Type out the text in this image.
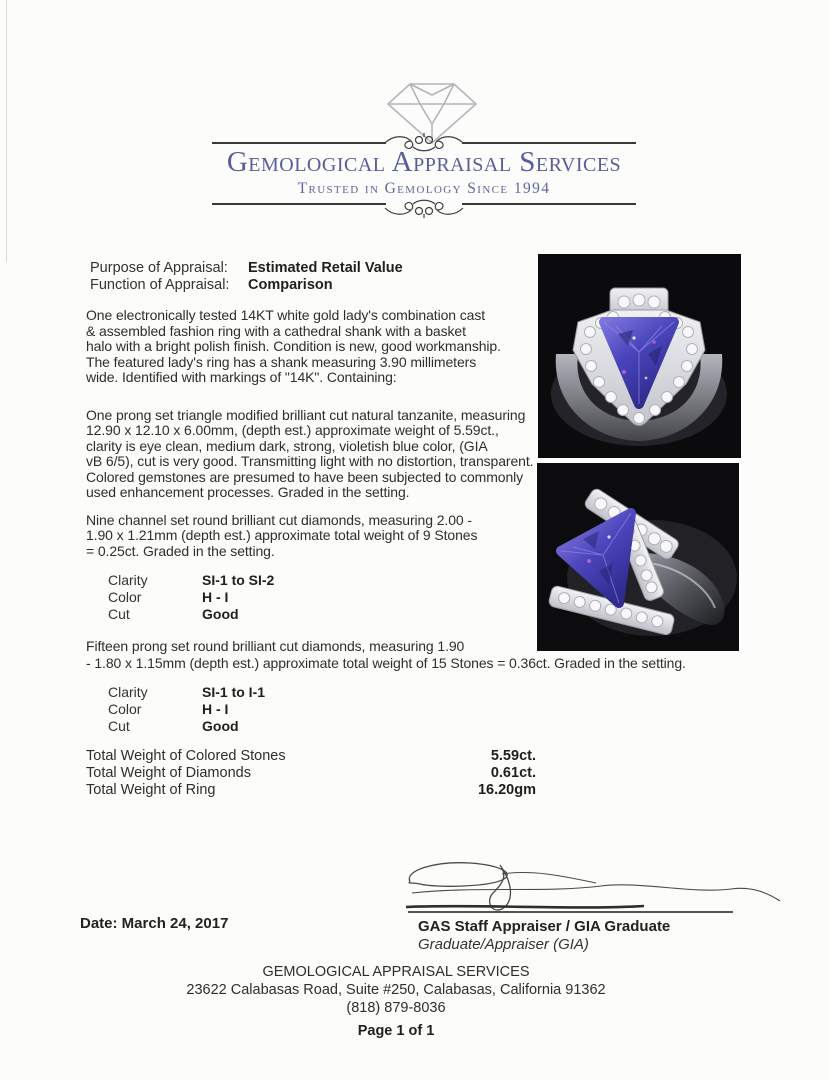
Gemological Appraisal Services
Trusted in Gemology Since 1994
Purpose of Appraisal: Estimated Retail Value
Function of Appraisal: Comparison
One electronically tested 14KT white gold lady's combination cast
& assembled fashion ring with a cathedral shank with a basket
halo with a bright polish finish. Condition is new, good workmanship.
The featured lady's ring has a shank measuring 3.90 millimeters
wide. Identified with markings of "14K". Containing:
One prong set triangle modified brilliant cut natural tanzanite, measuring
12.90 x 12.10 x 6.00mm, (depth est.) approximate weight of 5.59ct.,
clarity is eye clean, medium dark, strong, violetish blue color, (GIA
vB 6/5), cut is very good. Transmitting light with no distortion, transparent.
Colored gemstones are presumed to have been subjected to commonly
used enhancement processes. Graded in the setting.
Nine channel set round brilliant cut diamonds, measuring 2.00 -
1.90 x 1.21mm (depth est.) approximate total weight of 9 Stones
= 0.25ct. Graded in the setting.
Clarity	SI-1 to SI-2
Color	H - I
Cut	Good
Fifteen prong set round brilliant cut diamonds, measuring 1.90
- 1.80 x 1.15mm (depth est.) approximate total weight of 15 Stones = 0.36ct. Graded in the setting.
Clarity	SI-1 to I-1
Color	H - I
Cut	Good
Total Weight of Colored Stones	5.59ct.
Total Weight of Diamonds	0.61ct.
Total Weight of Ring	16.20gm
Date: March 24, 2017	GAS Staff Appraiser / GIA Graduate
Graduate/Appraiser (GIA)
GEMOLOGICAL APPRAISAL SERVICES
23622 Calabasas Road, Suite #250, Calabasas, California 91362
(818) 879-8036
Page 1 of 1
